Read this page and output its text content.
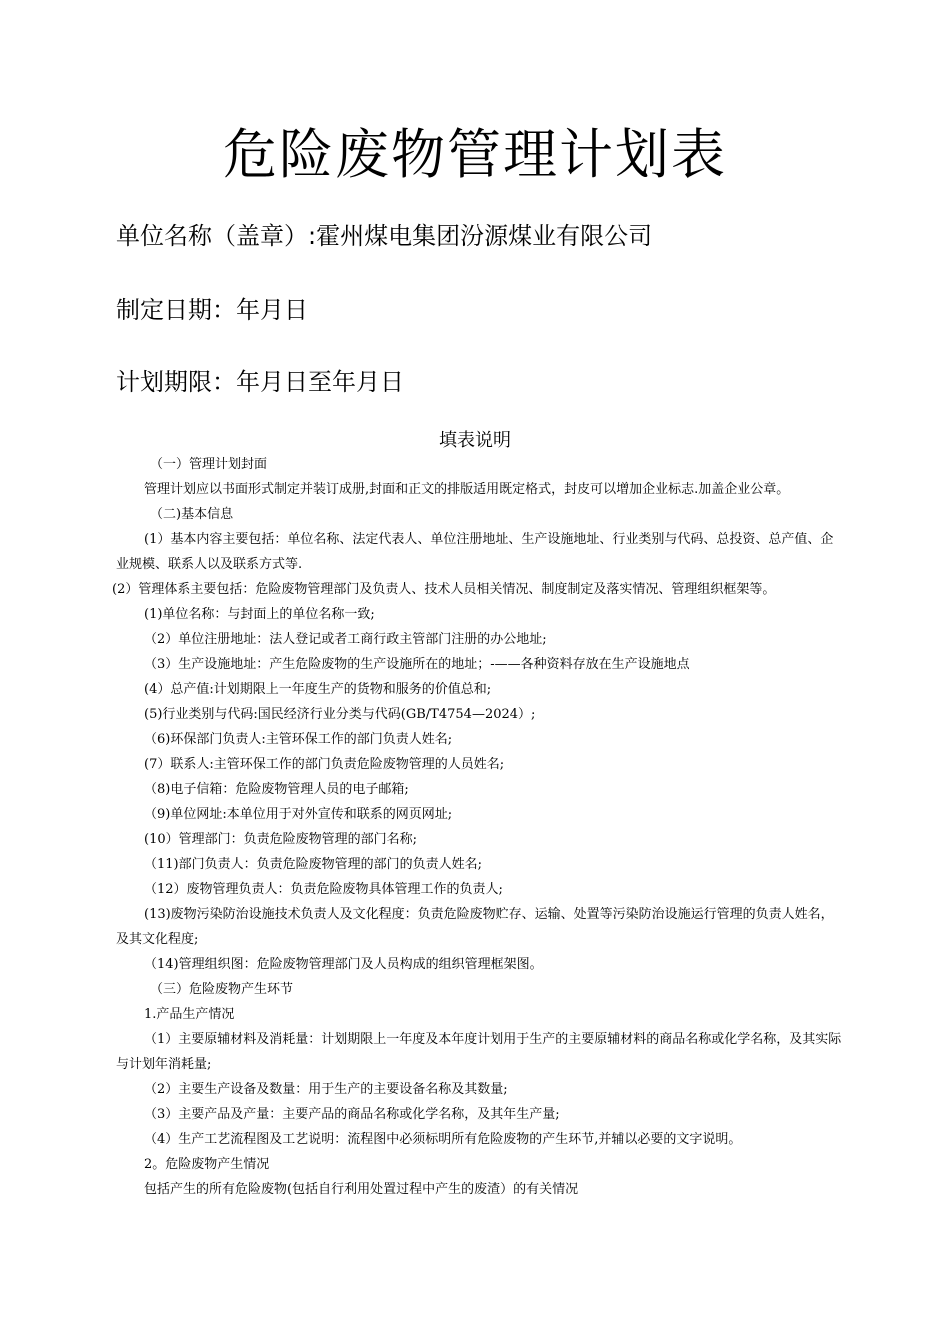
危险废物管理计划表
单位名称（盖章）:霍州煤电集团汾源煤业有限公司
制定日期：年月日
计划期限：年月日至年月日
填表说明

（一）管理计划封面

管理计划应以书面形式制定并装订成册,封面和正文的排版适用既定格式，封皮可以增加企业标志.加盖企业公章。

（二)基本信息

(1）基本内容主要包括：单位名称、法定代表人、单位注册地址、生产设施地址、行业类别与代码、总投资、总产值、企业规模、联系人以及联系方式等.

(2）管理体系主要包括：危险废物管理部门及负责人、技术人员相关情况、制度制定及落实情况、管理组织框架等。

(1)单位名称：与封面上的单位名称一致;

（2）单位注册地址：法人登记或者工商行政主管部门注册的办公地址;

（3）生产设施地址：产生危险废物的生产设施所在的地址；-——各种资料存放在生产设施地点

(4）总产值:计划期限上一年度生产的货物和服务的价值总和;

(5)行业类别与代码:国民经济行业分类与代码(GB/T4754—2024）;

（6)环保部门负责人:主管环保工作的部门负责人姓名;

(7）联系人:主管环保工作的部门负责危险废物管理的人员姓名;

（8)电子信箱：危险废物管理人员的电子邮箱;

（9)单位网址:本单位用于对外宣传和联系的网页网址;

(10）管理部门：负责危险废物管理的部门名称;

（11)部门负责人：负责危险废物管理的部门的负责人姓名;

（12）废物管理负责人：负责危险废物具体管理工作的负责人;

(13)废物污染防治设施技术负责人及文化程度：负责危险废物贮存、运输、处置等污染防治设施运行管理的负责人姓名，及其文化程度;

（14)管理组织图：危险废物管理部门及人员构成的组织管理框架图。

（三）危险废物产生环节

1.产品生产情况

（1）主要原辅材料及消耗量：计划期限上一年度及本年度计划用于生产的主要原辅材料的商品名称或化学名称，及其实际与计划年消耗量;

（2）主要生产设备及数量：用于生产的主要设备名称及其数量;

（3）主要产品及产量：主要产品的商品名称或化学名称，及其年生产量;

（4）生产工艺流程图及工艺说明：流程图中必须标明所有危险废物的产生环节,并辅以必要的文字说明。

2。危险废物产生情况

包括产生的所有危险废物(包括自行利用处置过程中产生的废渣）的有关情况
